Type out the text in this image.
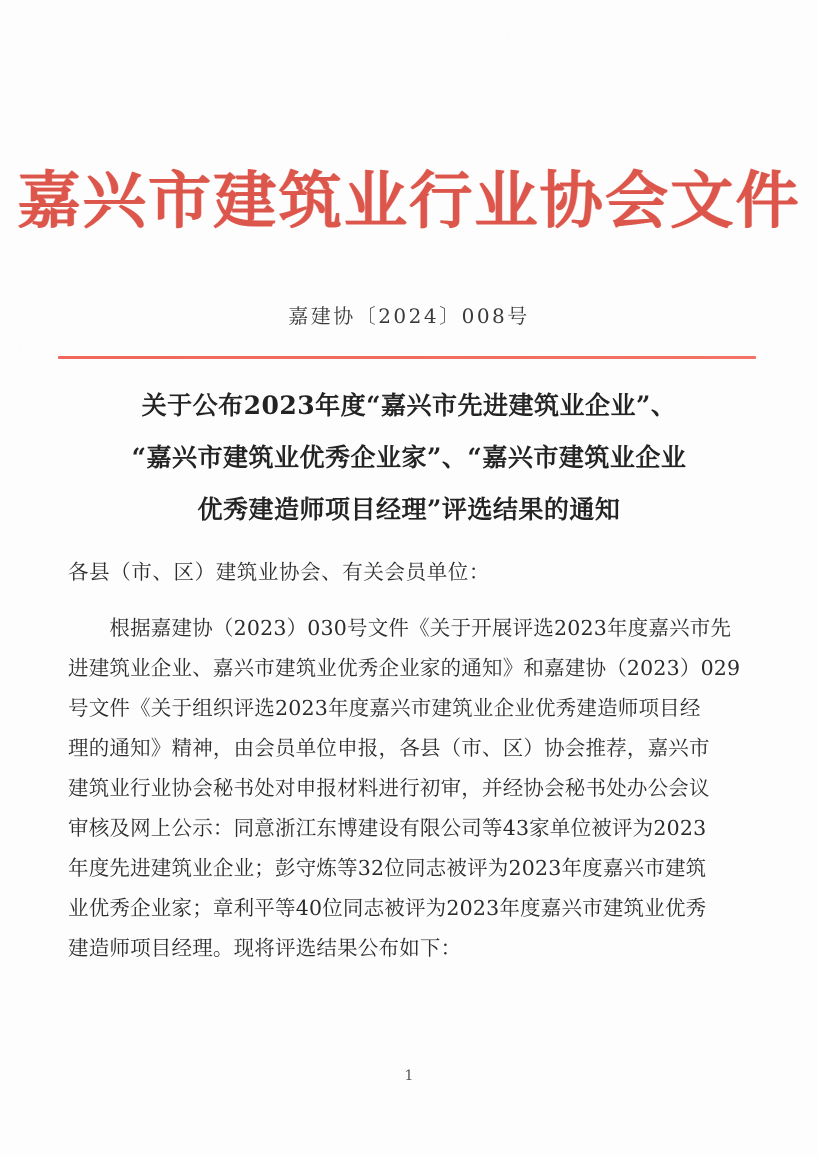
嘉兴市建筑业行业协会文件
嘉建协〔2024〕008号
关于公布2023年度“嘉兴市先进建筑业企业”、
“嘉兴市建筑业优秀企业家”、“嘉兴市建筑业企业
优秀建造师项目经理”评选结果的通知
各县（市、区）建筑业协会、有关会员单位：
　　根据嘉建协（2023）030号文件《关于开展评选2023年度嘉兴市先
进建筑业企业、嘉兴市建筑业优秀企业家的通知》和嘉建协（2023）029
号文件《关于组织评选2023年度嘉兴市建筑业企业优秀建造师项目经
理的通知》精神，由会员单位申报，各县（市、区）协会推荐，嘉兴市
建筑业行业协会秘书处对申报材料进行初审，并经协会秘书处办公会议
审核及网上公示：同意浙江东博建设有限公司等43家单位被评为2023
年度先进建筑业企业；彭守炼等32位同志被评为2023年度嘉兴市建筑
业优秀企业家；章利平等40位同志被评为2023年度嘉兴市建筑业优秀
建造师项目经理。现将评选结果公布如下：
1
